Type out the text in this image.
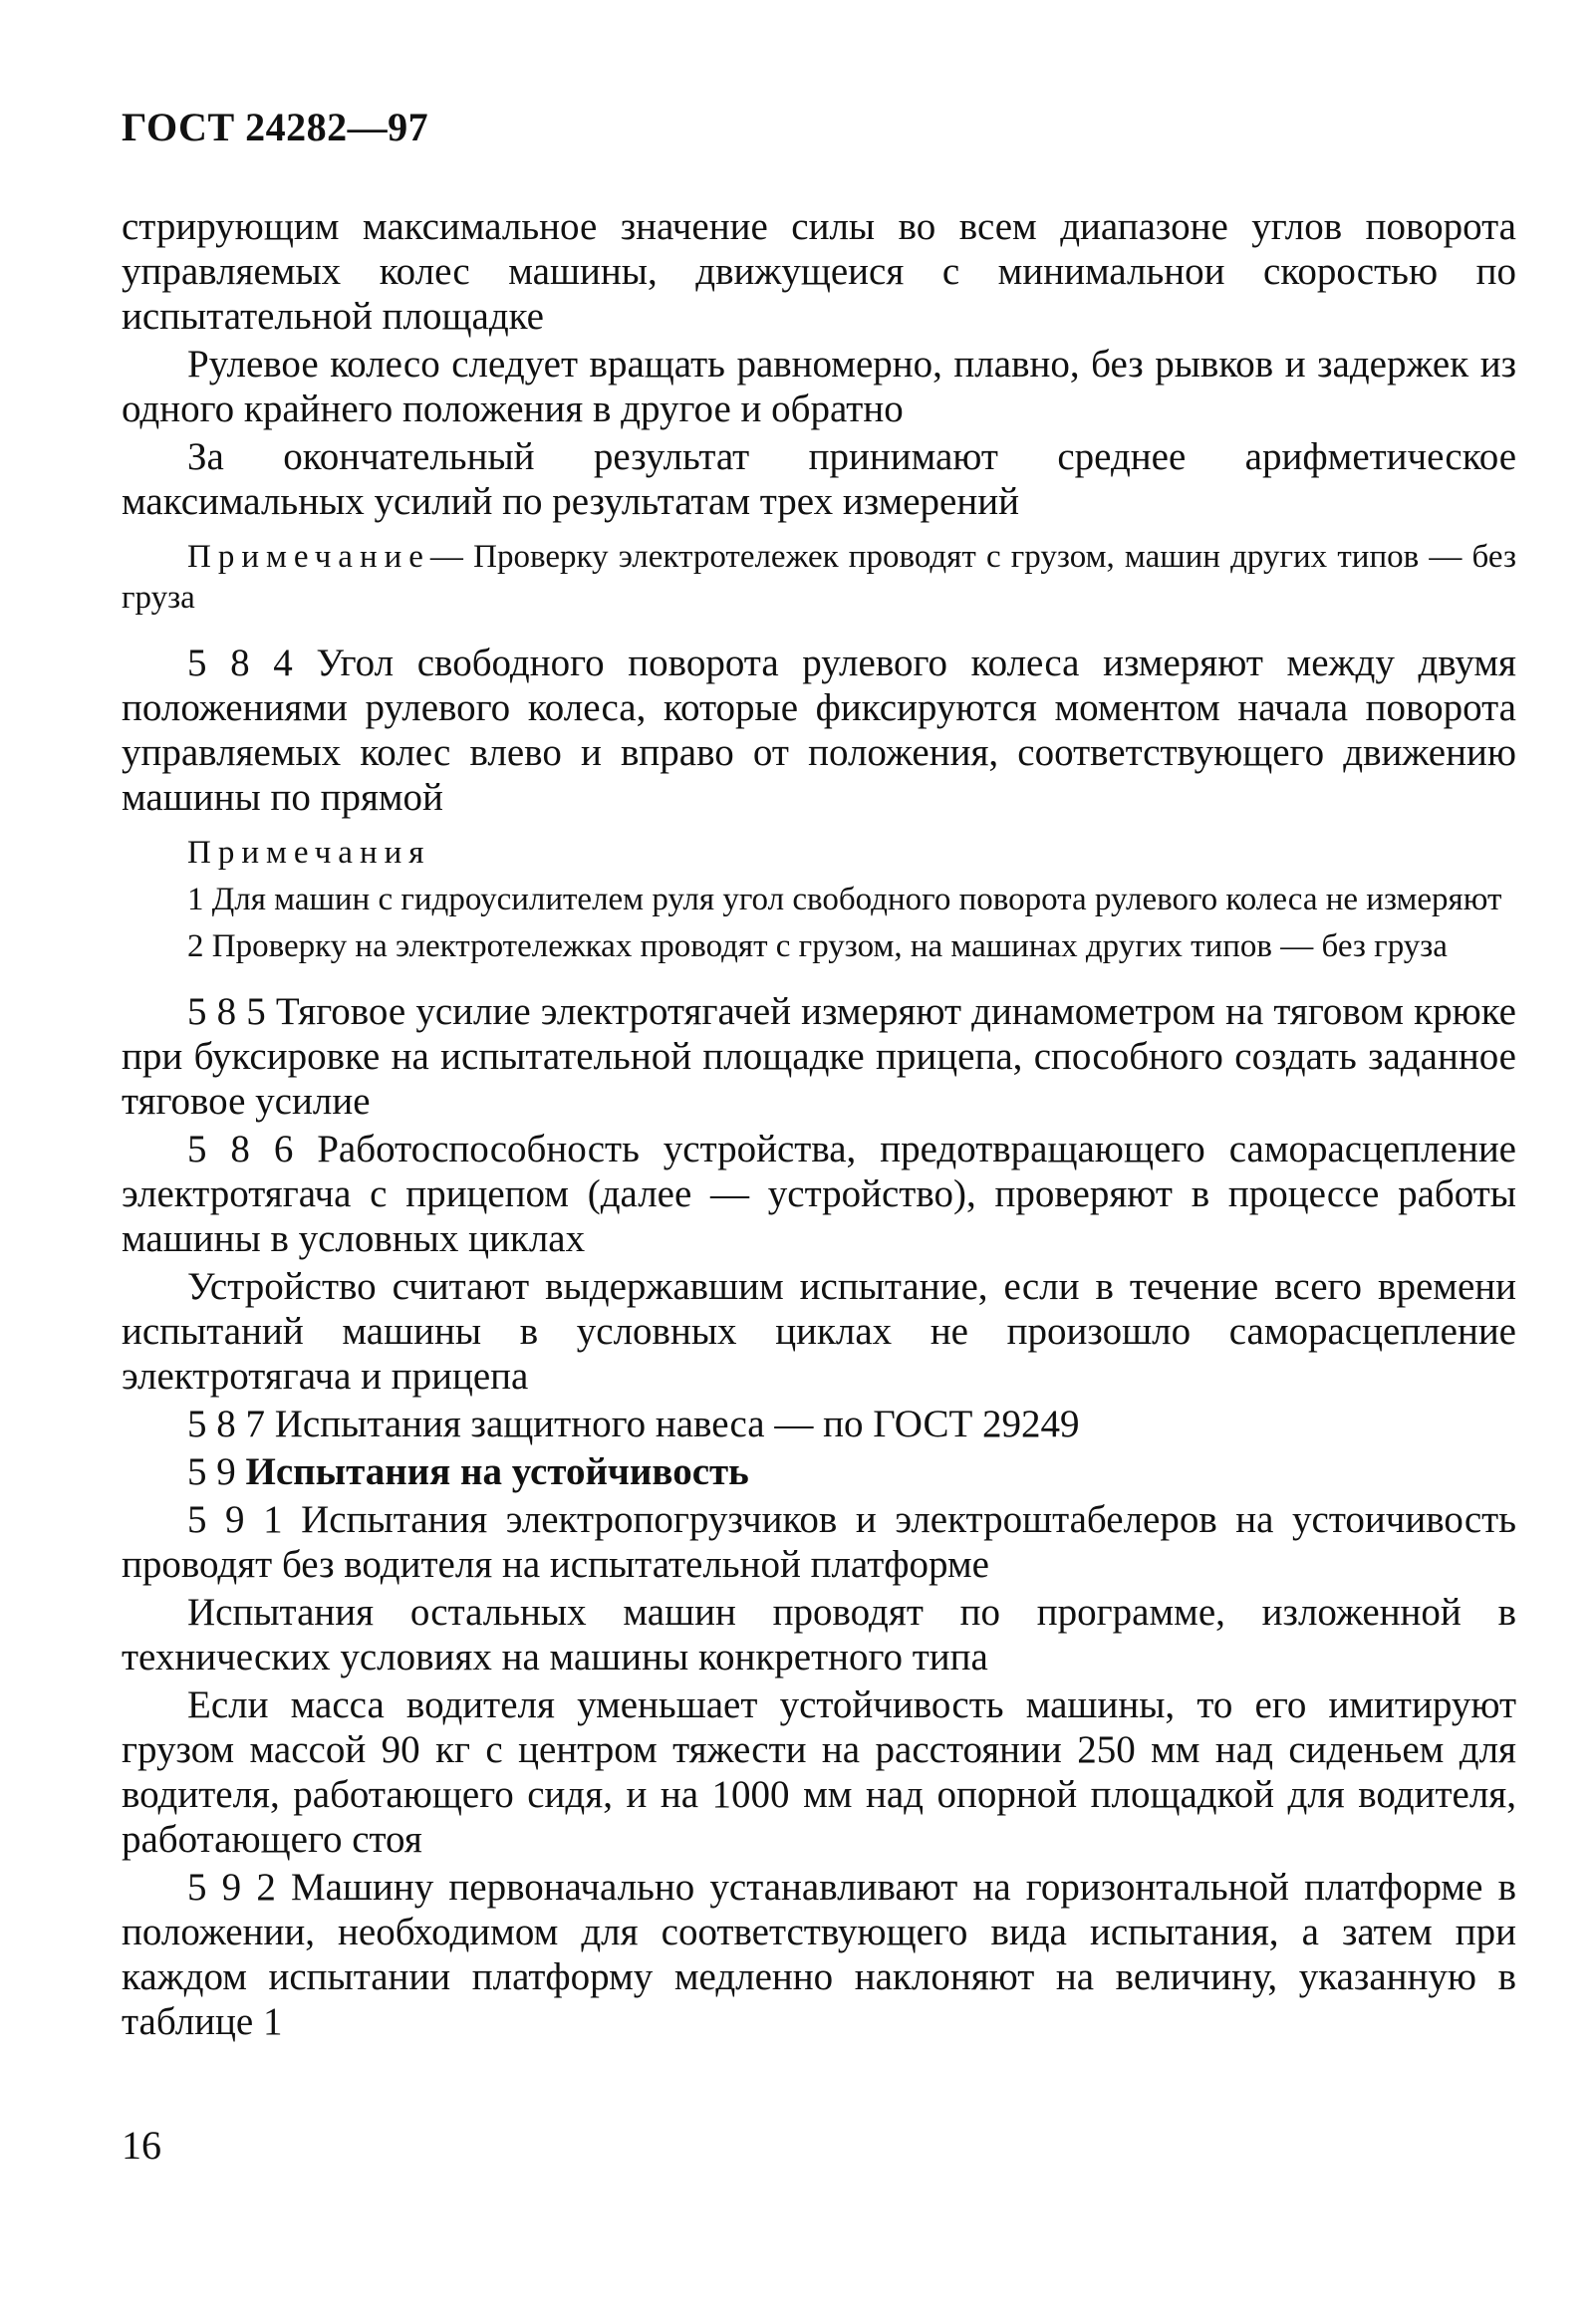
ГОСТ 24282—97

стрирующим максимальное значение силы во всем диапазоне углов поворота управляемых колес машины, движущеися с минимальнои скоростью по испытательной площадке

Рулевое колесо следует вращать равномерно, плавно, без рывков и задержек из одного крайнего положения в другое и обратно

За окончательный результат принимают среднее арифметическое максимальных усилий по результатам трех измерений

Примечание— Проверку электротележек проводят с грузом, машин других типов — без груза

5 8 4 Угол свободного поворота рулевого колеса измеряют между двумя положениями рулевого колеса, которые фиксируются моментом начала поворота управляемых колес влево и вправо от положения, соответствующего движению машины по прямой

Примечания

1 Для машин с гидроусилителем руля угол свободного поворота рулевого колеса не измеряют

2 Проверку на электротележках проводят с грузом, на машинах других типов — без груза

5 8 5 Тяговое усилие электротягачей измеряют динамометром на тяговом крюке при буксировке на испытательной площадке прицепа, способного создать заданное тяговое усилие

5 8 6 Работоспособность устройства, предотвращающего саморасцепление электротягача с прицепом (далее — устройство), проверяют в процессе работы машины в условных циклах

Устройство считают выдержавшим испытание, если в течение всего времени испытаний машины в условных циклах не произошло саморасцепление электротягача и прицепа

5 8 7 Испытания защитного навеса — по ГОСТ 29249

5 9 Испытания на устойчивость

5 9 1 Испытания электропогрузчиков и электроштабелеров на устоичивость проводят без водителя на испытательной платформе

Испытания остальных машин проводят по программе, изложенной в технических условиях на машины конкретного типа

Если масса водителя уменьшает устойчивость машины, то его имитируют грузом массой 90 кг с центром тяжести на расстоянии 250 мм над сиденьем для водителя, работающего сидя, и на 1000 мм над опорной площадкой для водителя, работающего стоя

5 9 2 Машину первоначально устанавливают на горизонтальной платформе в положении, необходимом для соответствующего вида испытания, а затем при каждом испытании платформу медленно наклоняют на величину, указанную в таблице 1

16
